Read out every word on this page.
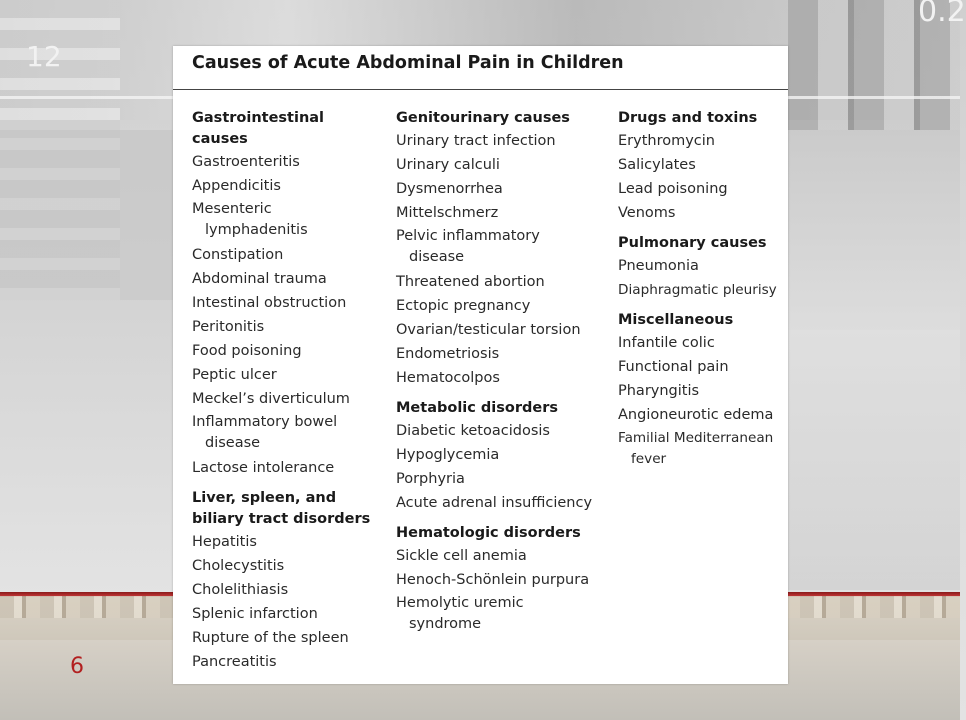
12
0.2
Causes of Acute Abdominal Pain in Children
Gastrointestinal causes
Gastroenteritis
Appendicitis
Mesenteric lymphadenitis
Constipation
Abdominal trauma
Intestinal obstruction
Peritonitis
Food poisoning
Peptic ulcer
Meckel’s diverticulum
Inflammatory bowel disease
Lactose intolerance
Liver, spleen, and biliary tract disorders
Hepatitis
Cholecystitis
Cholelithiasis
Splenic infarction
Rupture of the spleen
Pancreatitis
Genitourinary causes
Urinary tract infection
Urinary calculi
Dysmenorrhea
Mittelschmerz
Pelvic inflammatory disease
Threatened abortion
Ectopic pregnancy
Ovarian/testicular torsion
Endometriosis
Hematocolpos
Metabolic disorders
Diabetic ketoacidosis
Hypoglycemia
Porphyria
Acute adrenal insufficiency
Hematologic disorders
Sickle cell anemia
Henoch-Schönlein purpura
Hemolytic uremic syndrome
Drugs and toxins
Erythromycin
Salicylates
Lead poisoning
Venoms
Pulmonary causes
Pneumonia
Diaphragmatic pleurisy
Miscellaneous
Infantile colic
Functional pain
Pharyngitis
Angioneurotic edema
Familial Mediterranean fever
6
